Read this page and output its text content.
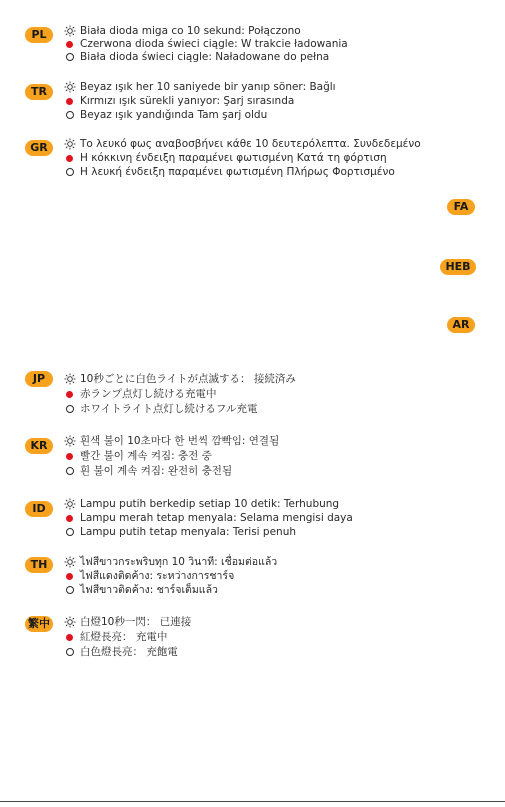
PL	Biała dioda miga co 10 sekund: Połączono
Czerwona dioda świeci ciągle: W trakcie ładowania
Biała dioda świeci ciągle: Naładowane do pełna
TR	Beyaz ışık her 10 saniyede bir yanıp söner: Bağlı
Kırmızı ışık sürekli yanıyor: Şarj sırasında
Beyaz ışık yandığında Tam şarj oldu
GR	Το λευκό φως αναβοσβήνει κάθε 10 δευτερόλεπτα. Συνδεδεμένο
Η κόκκινη ένδειξη παραμένει φωτισμένη Κατά τη φόρτιση
Η λευκή ένδειξη παραμένει φωτισμένη Πλήρως Φορτισμένο
FA
HEB
AR
JP	10秒ごとに白色ライトが点滅する： 接続済み
赤ランプ点灯し続ける充電中
ホワイトライト点灯し続けるフル充電
KR	흰색 불이 10초마다 한 번씩 깜빡임: 연결됨
빨간 불이 계속 켜짐: 충전 중
흰 불이 계속 켜짐: 완전히 충전됨
ID	Lampu putih berkedip setiap 10 detik: Terhubung
Lampu merah tetap menyala: Selama mengisi daya
Lampu putih tetap menyala: Terisi penuh
TH	ไฟสีขาวกระพริบทุก 10 วินาที: เชื่อมต่อแล้ว
ไฟสีแดงติดค้าง: ระหว่างการชาร์จ
ไฟสีขาวติดค้าง: ชาร์จเต็มแล้ว
繁中	白燈10秒一閃： 已連接
紅燈長亮： 充電中
白色燈長亮： 充飽電
